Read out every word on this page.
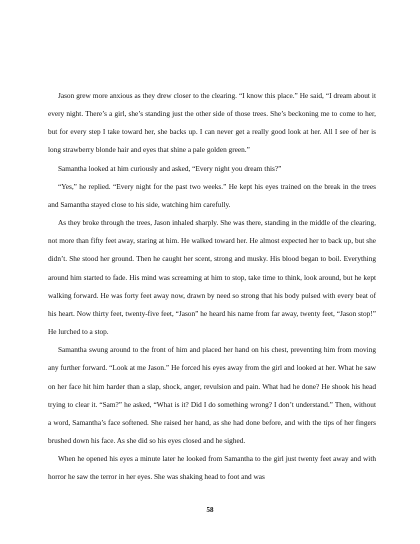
Jason grew more anxious as they drew closer to the clearing. “I know this place.” He said, “I dream about it every night. There’s a girl, she’s standing just the other side of those trees. She’s beckoning me to come to her, but for every step I take toward her, she backs up. I can never get a really good look at her. All I see of her is long strawberry blonde hair and eyes that shine a pale golden green.”

Samantha looked at him curiously and asked, “Every night you dream this?”

“Yes,” he replied. “Every night for the past two weeks.” He kept his eyes trained on the break in the trees and Samantha stayed close to his side, watching him carefully.

As they broke through the trees, Jason inhaled sharply. She was there, standing in the middle of the clearing, not more than fifty feet away, staring at him. He walked toward her. He almost expected her to back up, but she didn’t. She stood her ground. Then he caught her scent, strong and musky. His blood began to boil. Everything around him started to fade. His mind was screaming at him to stop, take time to think, look around, but he kept walking forward. He was forty feet away now, drawn by need so strong that his body pulsed with every beat of his heart. Now thirty feet, twenty-five feet, “Jason” he heard his name from far away, twenty feet, “Jason stop!” He lurched to a stop.

Samantha swung around to the front of him and placed her hand on his chest, preventing him from moving any further forward. “Look at me Jason.” He forced his eyes away from the girl and looked at her. What he saw on her face hit him harder than a slap, shock, anger, revulsion and pain. What had he done? He shook his head trying to clear it. “Sam?” he asked, “What is it? Did I do something wrong? I don’t understand.” Then, without a word, Samantha’s face softened. She raised her hand, as she had done before, and with the tips of her fingers brushed down his face. As she did so his eyes closed and he sighed.

When he opened his eyes a minute later he looked from Samantha to the girl just twenty feet away and with horror he saw the terror in her eyes. She was shaking head to foot and was

58
